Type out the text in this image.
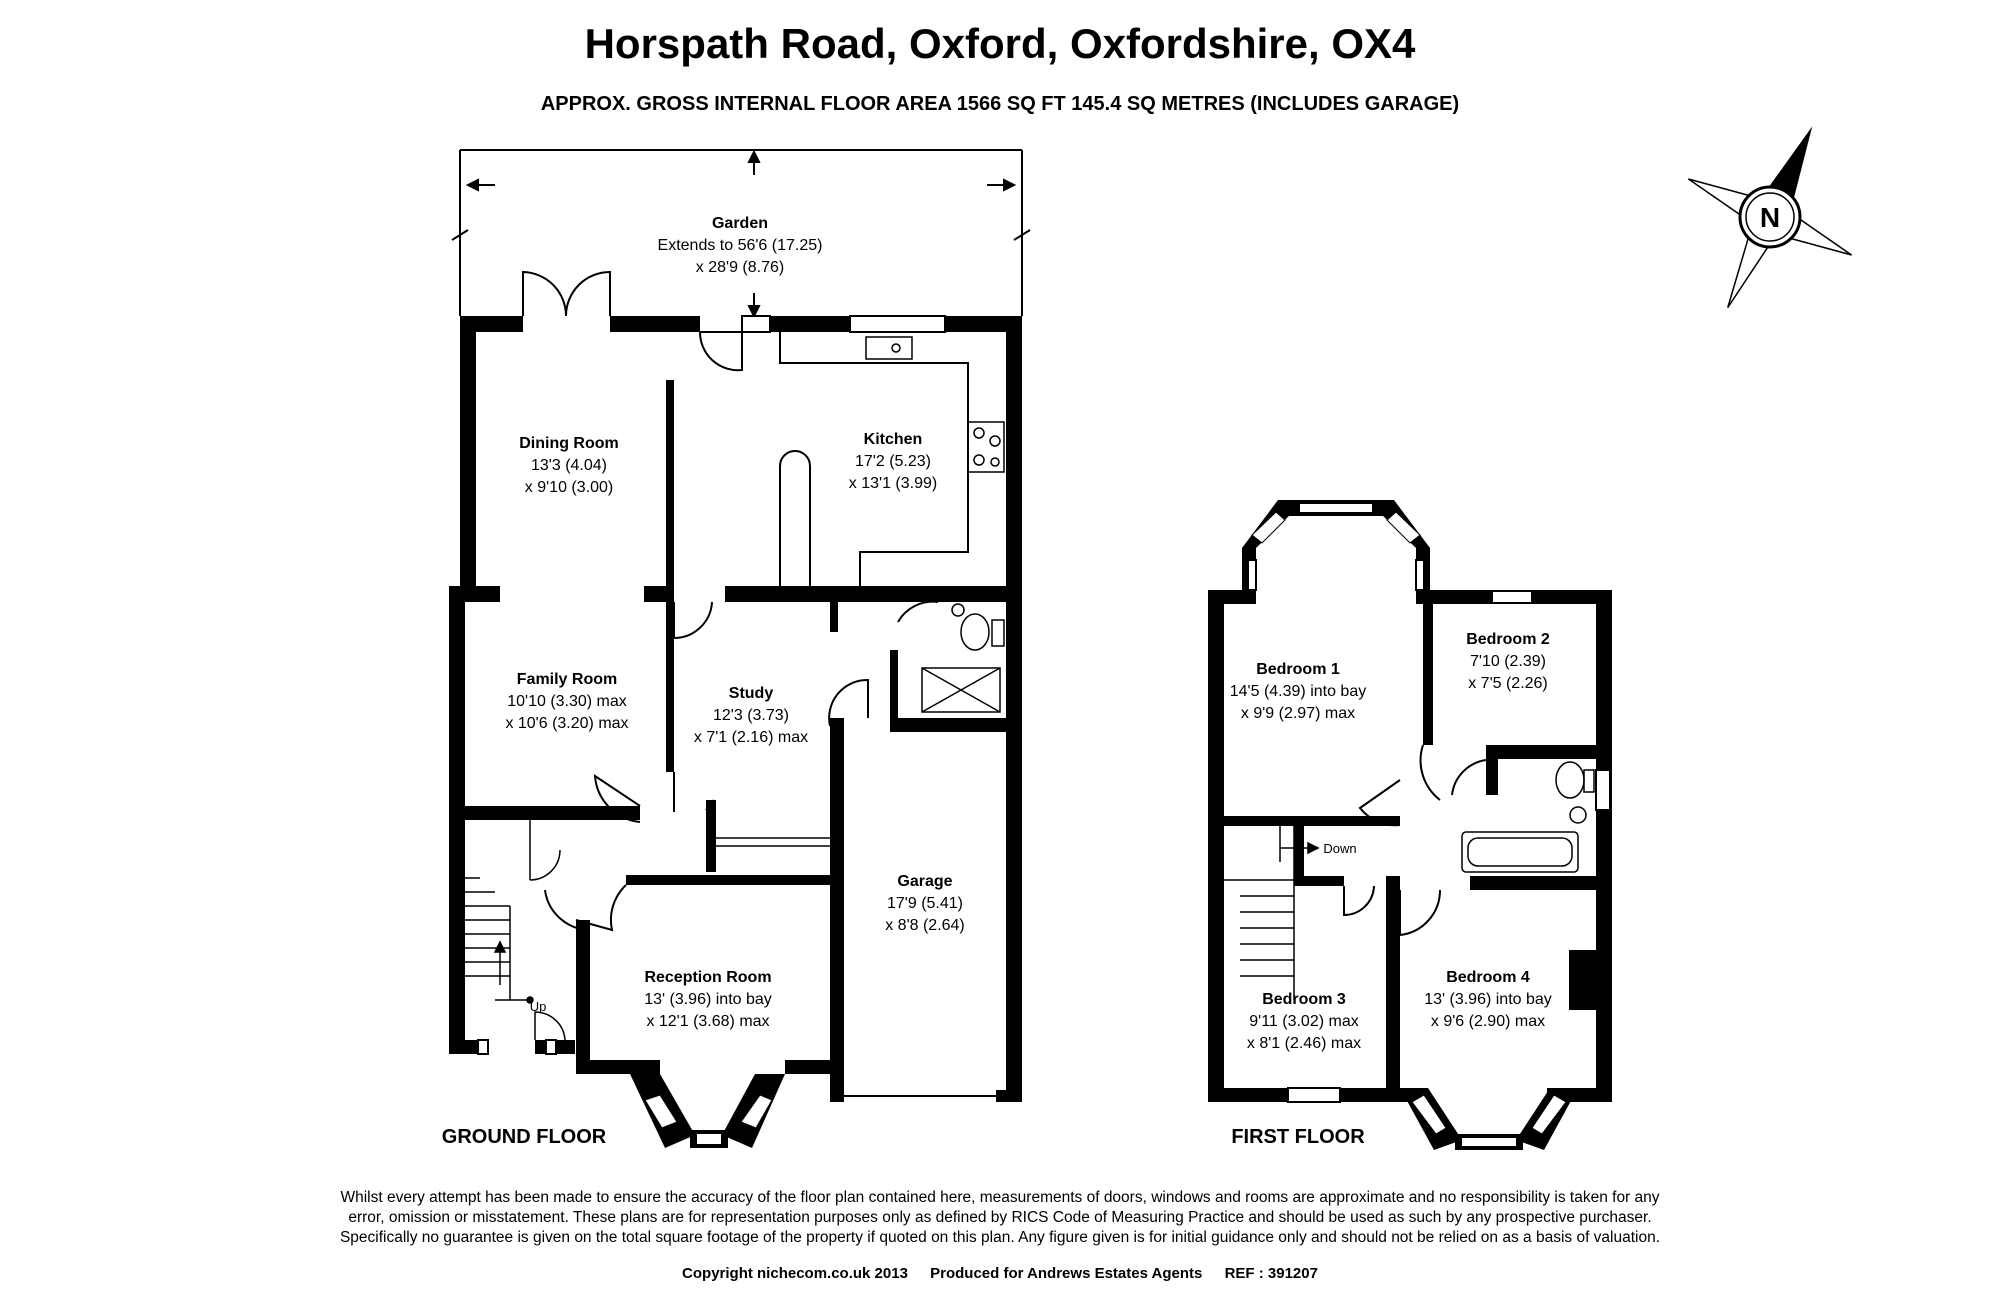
Horspath Road, Oxford, Oxfordshire, OX4
APPROX. GROSS INTERNAL FLOOR AREA 1566 SQ FT 145.4 SQ METRES (INCLUDES GARAGE)
N
Garden
Extends to 56'6 (17.25)
x 28'9 (8.76)
Dining Room
13'3 (4.04)
x 9'10 (3.00)
Kitchen
17'2 (5.23)
x 13'1 (3.99)
Family Room
10'10 (3.30) max
x 10'6 (3.20) max
Study
12'3 (3.73)
x 7'1 (2.16) max
Garage
17'9 (5.41)
x 8'8 (2.64)
Reception Room
13' (3.96) into bay
x 12'1 (3.68) max
Up
Bedroom 1
14'5 (4.39) into bay
x 9'9 (2.97) max
Bedroom 2
7'10 (2.39)
x 7'5 (2.26)
Bedroom 3
9'11 (3.02) max
x 8'1 (2.46) max
Bedroom 4
13' (3.96) into bay
x 9'6 (2.90) max
Down
GROUND FLOOR	FIRST FLOOR
Whilst every attempt has been made to ensure the accuracy of the floor plan contained here, measurements of doors, windows and rooms are approximate and no responsibility is taken for any
error, omission or misstatement. These plans are for representation purposes only as defined by RICS Code of Measuring Practice and should be used as such by any prospective purchaser.
Specifically no guarantee is given on the total square footage of the property if quoted on this plan. Any figure given is for initial guidance only and should not be relied on as a basis of valuation.
Copyright nichecom.co.uk 2013 Produced for Andrews Estates Agents REF : 391207
